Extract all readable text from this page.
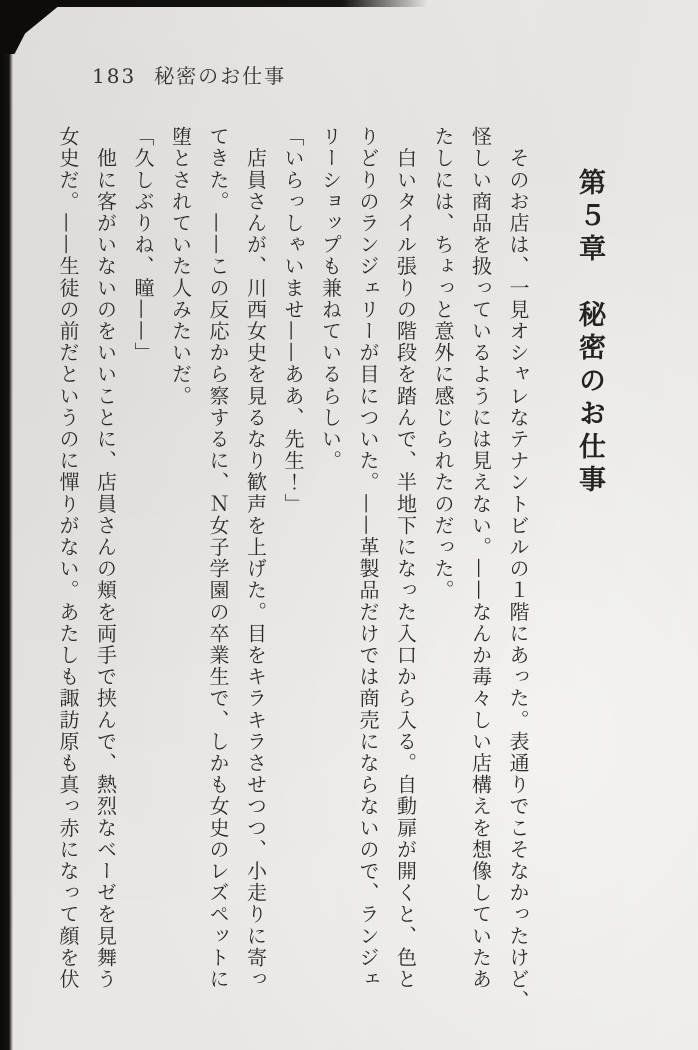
183 秘密のお仕事

第５章　秘密のお仕事

　そのお店は、一見オシャレなテナントビルの１階にあった。表通りでこそなかったけど、

怪しい商品を扱っているようには見えない。——なんか毒々しい店構えを想像していたあ

たしには、ちょっと意外に感じられたのだった。

　白いタイル張りの階段を踏んで、半地下になった入口から入る。自動扉が開くと、色と

りどりのランジェリーが目についた。——革製品だけでは商売にならないので、ランジェ

リーショップも兼ねているらしい。

「いらっしゃいませ——ああ、先生！」

　店員さんが、川西女史を見るなり歓声を上げた。目をキラキラさせつつ、小走りに寄っ

てきた。——この反応から察するに、Ｎ女子学園の卒業生で、しかも女史のレズペットに

堕とされていた人みたいだ。

「久しぶりね、瞳——」

　他に客がいないのをいいことに、店員さんの頬を両手で挟んで、熱烈なベーゼを見舞う

女史だ。——生徒の前だというのに憚りがない。あたしも諏訪原も真っ赤になって顔を伏
